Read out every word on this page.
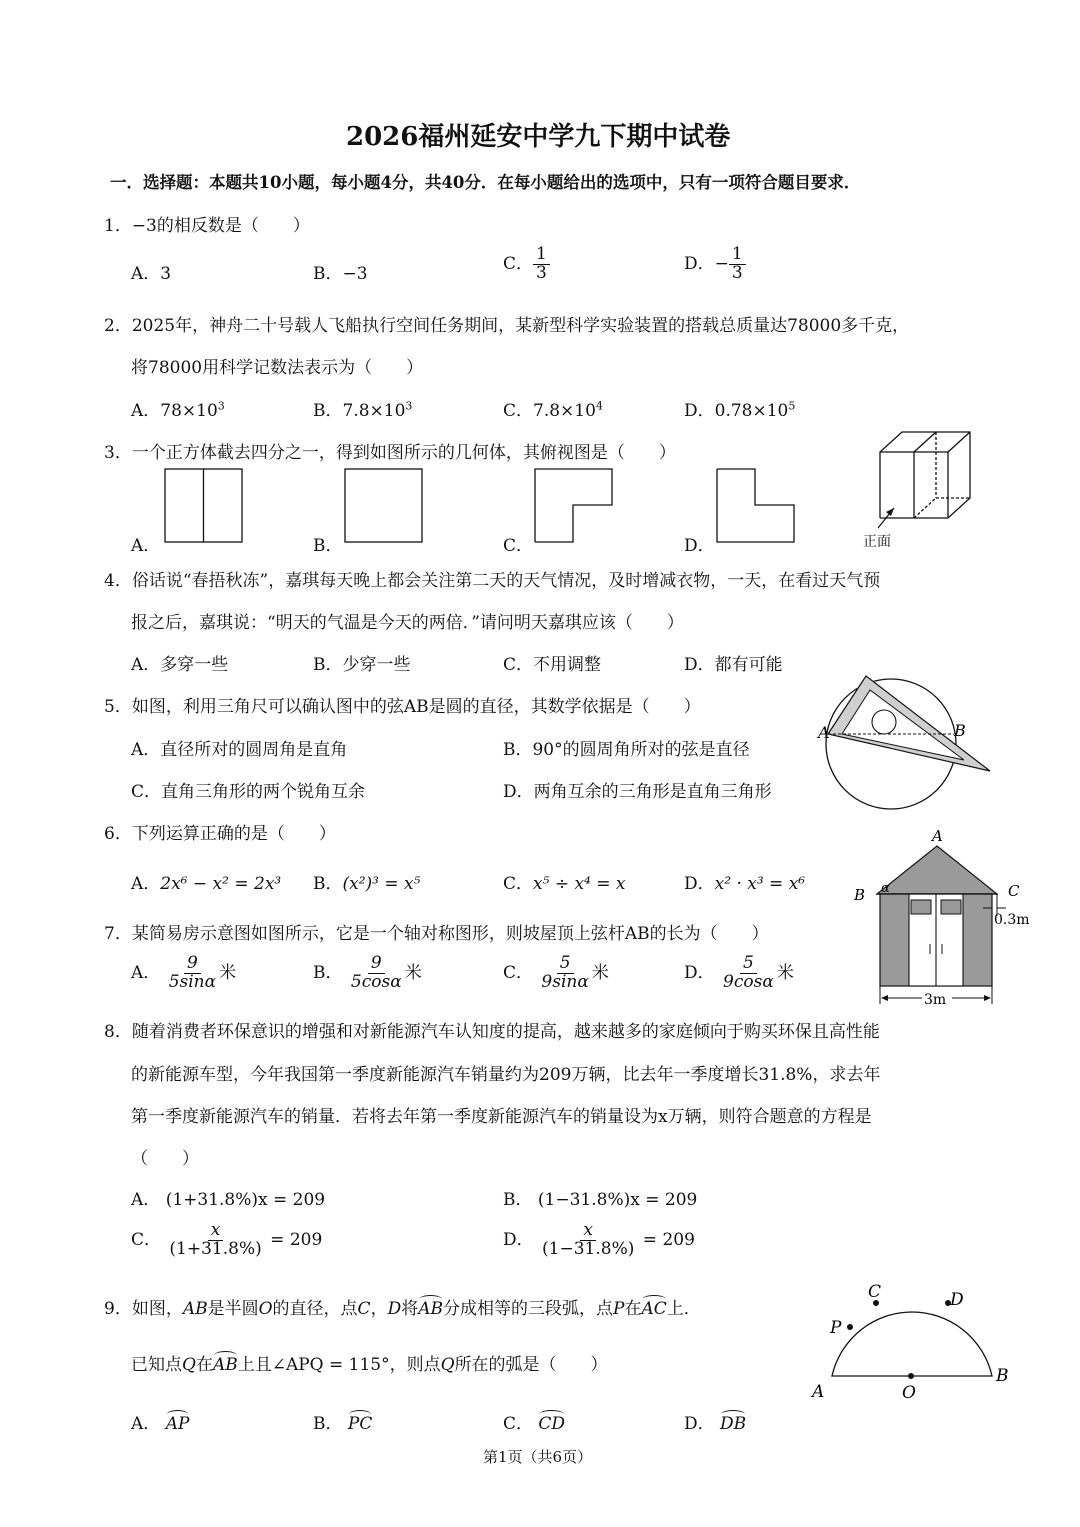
2026福州延安中学九下期中试卷
一．选择题：本题共10小题，每小题4分，共40分．在每小题给出的选项中，只有一项符合题目要求．
1．−3的相反数是（　　）
A．3	B．−3
C． $\frac{1}{3}$	D．− $\frac{1}{3}$
2．2025年，神舟二十号载人飞船执行空间任务期间，某新型科学实验装置的搭载总质量达78000多千克，
将78000用科学记数法表示为（　　）
A．$78\times 10^3$	B．$7.8\times 10^3$	C．$7.8\times 10^4$	D．$0.78\times 10^5$
3．一个正方体截去四分之一，得到如图所示的几何体，其俯视图是（　　）
A．	B．	C．	D．	正面
4．俗话说“春捂秋冻”，嘉琪每天晚上都会关注第二天的天气情况，及时增减衣物，一天，在看过天气预
报之后，嘉琪说：“明天的气温是今天的两倍．”请问明天嘉琪应该（　　）
A．多穿一些	B．少穿一些	C．不用调整	D．都有可能
5．如图，利用三角尺可以确认图中的弦AB是圆的直径，其数学依据是（　　）
A．直径所对的圆周角是直角	B．90°的圆周角所对的弦是直径
C．直角三角形的两个锐角互余	D．两角互余的三角形是直角三角形
A	B
6．下列运算正确的是（　　）
A．2x⁶ − x² = 2x³ B．(x²)³ = x⁵	C．x⁵ ÷ x⁴ = x	D．x² · x³ = x⁶
A
B	C
α
0.3m
3m
7．某简易房示意图如图所示，它是一个轴对称图形，则坡屋顶上弦杆AB的长为（　　）
A． $\frac{9}{5\sin\alpha}$ 米	B． $\frac{9}{5\cos\alpha}$ 米	C． $\frac{5}{9\sin\alpha}$ 米	D． $\frac{5}{9\cos\alpha}$ 米
8．随着消费者环保意识的增强和对新能源汽车认知度的提高，越来越多的家庭倾向于购买环保且高性能
的新能源车型，今年我国第一季度新能源汽车销量约为209万辆，比去年一季度增长31.8%，求去年
第一季度新能源汽车的销量．若将去年第一季度新能源汽车的销量设为x万辆，则符合题意的方程是
（　　）
A． (1+31.8%)x = 209	B． (1−31.8%)x = 209
C． $\frac{x}{(1+31.8\%)} = 209$	D． $\frac{x}{(1-31.8\%)} = 209$
9．如图，AB是半圆O的直径，点C，D将AB分成相等的三段弧，点P在AC上．
已知点Q在AB上且∠APQ = 115°，则点Q所在的弧是（　　）
A． AP	B． PC	C． CD	D． DB
A
B
C	D
O
P
第1页（共6页）
